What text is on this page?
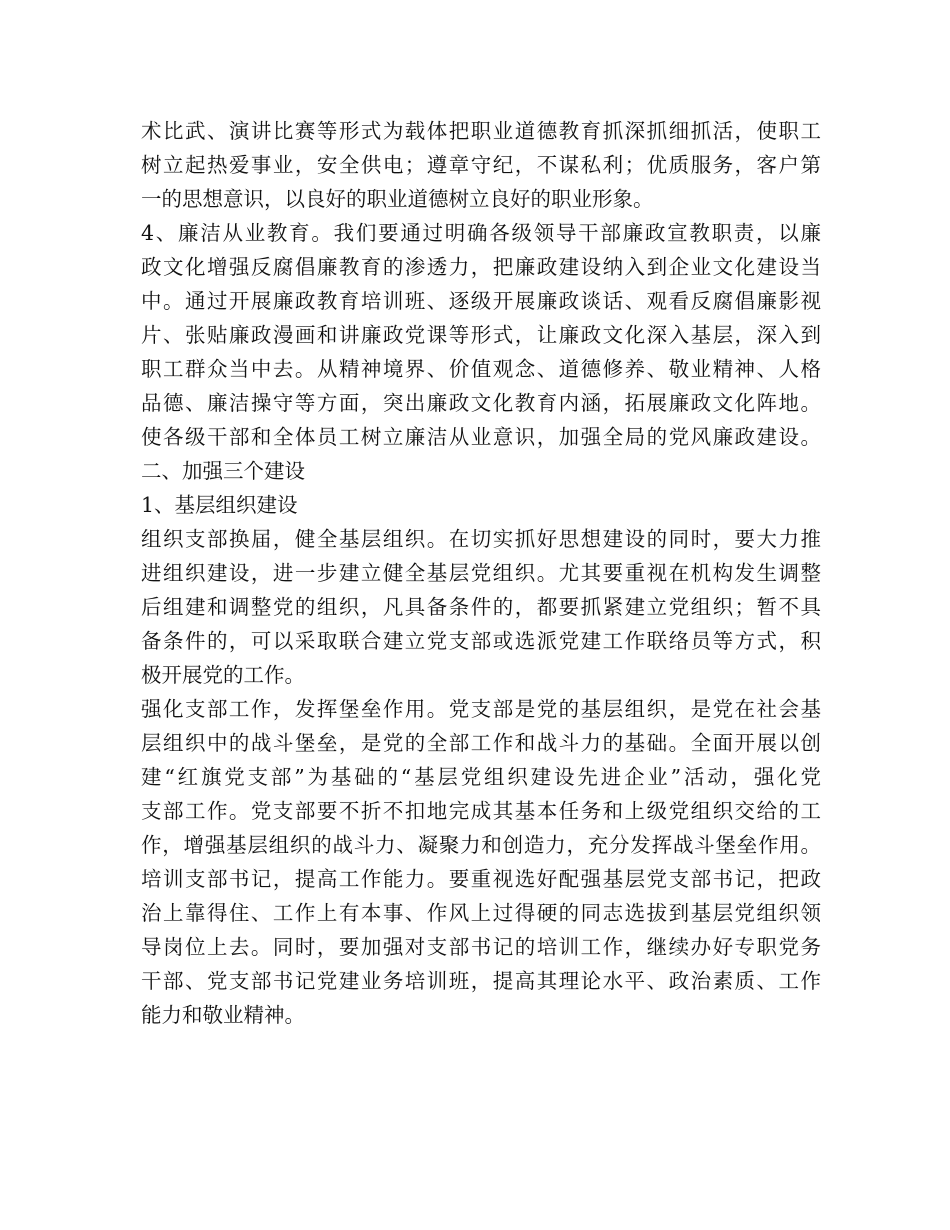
术比武、演讲比赛等形式为载体把职业道德教育抓深抓细抓活，使职工
树立起热爱事业，安全供电；遵章守纪，不谋私利；优质服务，客户第
一的思想意识，以良好的职业道德树立良好的职业形象。
4、廉洁从业教育。我们要通过明确各级领导干部廉政宣教职责，以廉
政文化增强反腐倡廉教育的渗透力，把廉政建设纳入到企业文化建设当
中。通过开展廉政教育培训班、逐级开展廉政谈话、观看反腐倡廉影视
片、张贴廉政漫画和讲廉政党课等形式，让廉政文化深入基层，深入到
职工群众当中去。从精神境界、价值观念、道德修养、敬业精神、人格
品德、廉洁操守等方面，突出廉政文化教育内涵，拓展廉政文化阵地。
使各级干部和全体员工树立廉洁从业意识，加强全局的党风廉政建设。
二、加强三个建设
1、基层组织建设
组织支部换届，健全基层组织。在切实抓好思想建设的同时，要大力推
进组织建设，进一步建立健全基层党组织。尤其要重视在机构发生调整
后组建和调整党的组织，凡具备条件的，都要抓紧建立党组织；暂不具
备条件的，可以采取联合建立党支部或选派党建工作联络员等方式，积
极开展党的工作。
强化支部工作，发挥堡垒作用。党支部是党的基层组织，是党在社会基
层组织中的战斗堡垒，是党的全部工作和战斗力的基础。全面开展以创
建“红旗党支部”为基础的“基层党组织建设先进企业”活动，强化党
支部工作。党支部要不折不扣地完成其基本任务和上级党组织交给的工
作，增强基层组织的战斗力、凝聚力和创造力，充分发挥战斗堡垒作用。
培训支部书记，提高工作能力。要重视选好配强基层党支部书记，把政
治上靠得住、工作上有本事、作风上过得硬的同志选拔到基层党组织领
导岗位上去。同时，要加强对支部书记的培训工作，继续办好专职党务
干部、党支部书记党建业务培训班，提高其理论水平、政治素质、工作
能力和敬业精神。
